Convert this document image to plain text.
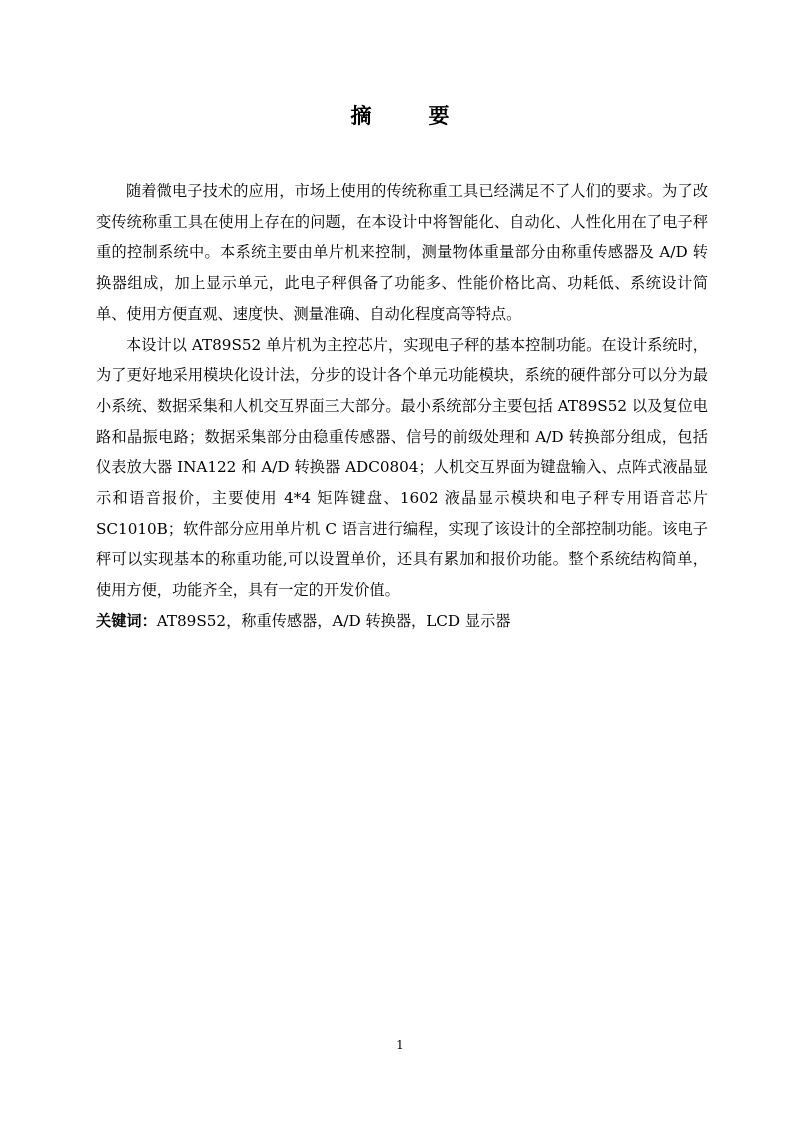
摘　要

随着微电子技术的应用，市场上使用的传统称重工具已经满足不了人们的要求。为了改变传统称重工具在使用上存在的问题，在本设计中将智能化、自动化、人性化用在了电子秤重的控制系统中。本系统主要由单片机来控制，测量物体重量部分由称重传感器及 A/D 转换器组成，加上显示单元，此电子秤俱备了功能多、性能价格比高、功耗低、系统设计简单、使用方便直观、速度快、测量准确、自动化程度高等特点。

本设计以 AT89S52 单片机为主控芯片，实现电子秤的基本控制功能。在设计系统时，为了更好地采用模块化设计法，分步的设计各个单元功能模块，系统的硬件部分可以分为最小系统、数据采集和人机交互界面三大部分。最小系统部分主要包括 AT89S52 以及复位电路和晶振电路；数据采集部分由稳重传感器、信号的前级处理和 A/D 转换部分组成，包括仪表放大器 INA122 和 A/D 转换器 ADC0804；人机交互界面为键盘输入、点阵式液晶显示和语音报价，主要使用 4*4 矩阵键盘、1602 液晶显示模块和电子秤专用语音芯片 SC1010B；软件部分应用单片机 C 语言进行编程，实现了该设计的全部控制功能。该电子秤可以实现基本的称重功能,可以设置单价，还具有累加和报价功能。整个系统结构简单，使用方便，功能齐全，具有一定的开发价值。

关键词：AT89S52，称重传感器，A/D 转换器，LCD 显示器

1
